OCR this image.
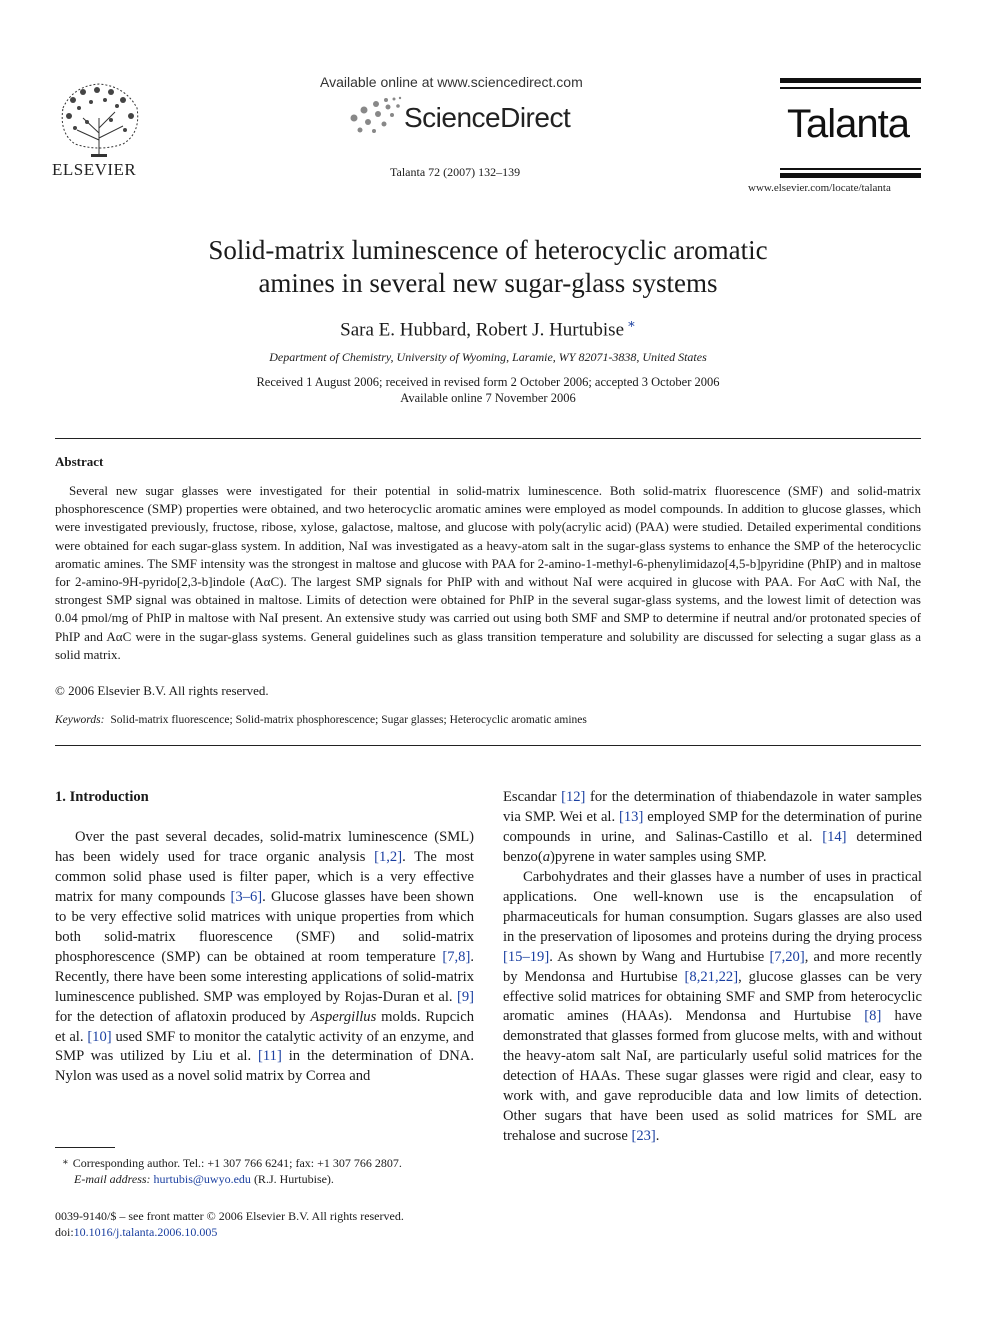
ELSEVIER
Available online at www.sciencedirect.com
ScienceDirect
Talanta 72 (2007) 132–139
Talanta
www.elsevier.com/locate/talanta
Solid-matrix luminescence of heterocyclic aromatic
amines in several new sugar-glass systems
Sara E. Hubbard, Robert J. Hurtubise ∗
Department of Chemistry, University of Wyoming, Laramie, WY 82071-3838, United States
Received 1 August 2006; received in revised form 2 October 2006; accepted 3 October 2006
Available online 7 November 2006
Abstract
Several new sugar glasses were investigated for their potential in solid-matrix luminescence. Both solid-matrix fluorescence (SMF) and solid-matrix phosphorescence (SMP) properties were obtained, and two heterocyclic aromatic amines were employed as model compounds. In addition to glucose glasses, which were investigated previously, fructose, ribose, xylose, galactose, maltose, and glucose with poly(acrylic acid) (PAA) were studied. Detailed experimental conditions were obtained for each sugar-glass system. In addition, NaI was investigated as a heavy-atom salt in the sugar-glass systems to enhance the SMP of the heterocyclic aromatic amines. The SMF intensity was the strongest in maltose and glucose with PAA for 2-amino-1-methyl-6-phenylimidazo[4,5-b]pyridine (PhIP) and in maltose for 2-amino-9H-pyrido[2,3-b]indole (AαC). The largest SMP signals for PhIP with and without NaI were acquired in glucose with PAA. For AαC with NaI, the strongest SMP signal was obtained in maltose. Limits of detection were obtained for PhIP in the several sugar-glass systems, and the lowest limit of detection was 0.04 pmol/mg of PhIP in maltose with NaI present. An extensive study was carried out using both SMF and SMP to determine if neutral and/or protonated species of PhIP and AαC were in the sugar-glass systems. General guidelines such as glass transition temperature and solubility are discussed for selecting a sugar glass as a solid matrix.
© 2006 Elsevier B.V. All rights reserved.
Keywords: Solid-matrix fluorescence; Solid-matrix phosphorescence; Sugar glasses; Heterocyclic aromatic amines
1. Introduction

Over the past several decades, solid-matrix luminescence (SML) has been widely used for trace organic analysis [1,2]. The most common solid phase used is filter paper, which is a very effective matrix for many compounds [3–6]. Glucose glasses have been shown to be very effective solid matrices with unique properties from which both solid-matrix fluorescence (SMF) and solid-matrix phosphorescence (SMP) can be obtained at room temperature [7,8]. Recently, there have been some interesting applications of solid-matrix luminescence published. SMP was employed by Rojas-Duran et al. [9] for the detection of aflatoxin produced by Aspergillus molds. Rupcich et al. [10] used SMF to monitor the catalytic activity of an enzyme, and SMP was utilized by Liu et al. [11] in the determination of DNA. Nylon was used as a novel solid matrix by Correa and

Escandar [12] for the determination of thiabendazole in water samples via SMP. Wei et al. [13] employed SMP for the determination of purine compounds in urine, and Salinas-Castillo et al. [14] determined benzo(a)pyrene in water samples using SMP.

Carbohydrates and their glasses have a number of uses in practical applications. One well-known use is the encapsulation of pharmaceuticals for human consumption. Sugars glasses are also used in the preservation of liposomes and proteins during the drying process [15–19]. As shown by Wang and Hurtubise [7,20], and more recently by Mendonsa and Hurtubise [8,21,22], glucose glasses can be very effective solid matrices for obtaining SMF and SMP from heterocyclic aromatic amines (HAAs). Mendonsa and Hurtubise [8] have demonstrated that glasses formed from glucose melts, with and without the heavy-atom salt NaI, are particularly useful solid matrices for the detection of HAAs. These sugar glasses were rigid and clear, easy to work with, and gave reproducible data and low limits of detection. Other sugars that have been used as solid matrices for SML are trehalose and sucrose [23].

∗ Corresponding author. Tel.: +1 307 766 6241; fax: +1 307 766 2807.
E-mail address: hurtubis@uwyo.edu (R.J. Hurtubise).
0039-9140/$ – see front matter © 2006 Elsevier B.V. All rights reserved.
doi:10.1016/j.talanta.2006.10.005
